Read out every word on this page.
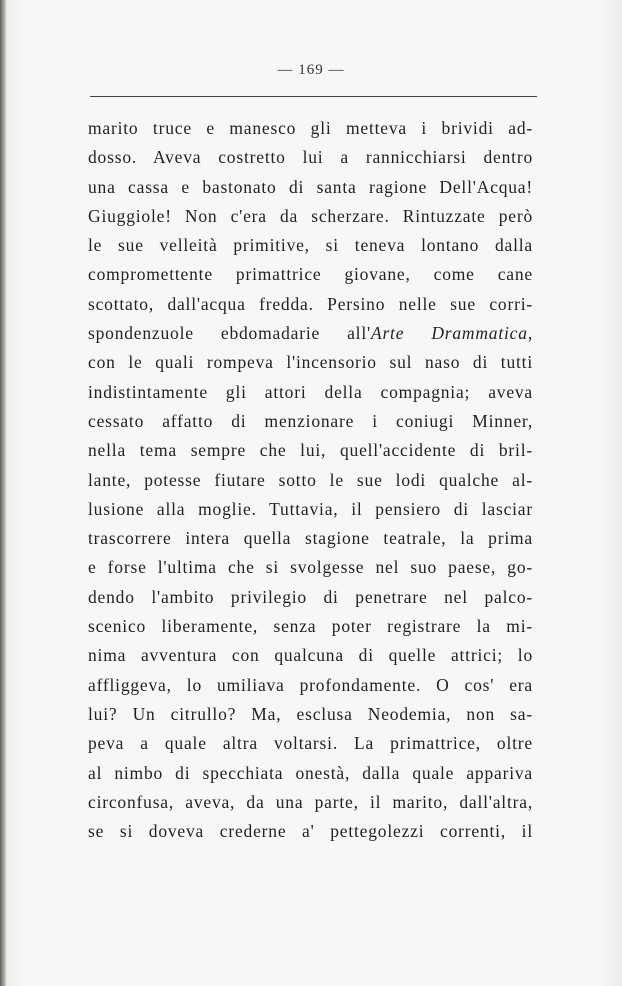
— 169 —
marito truce e manesco gli metteva i brividi ad-
dosso. Aveva costretto lui a rannicchiarsi dentro
una cassa e bastonato di santa ragione Dell'Acqua!
Giuggiole! Non c'era da scherzare. Rintuzzate però
le sue velleità primitive, si teneva lontano dalla
compromettente primattrice giovane, come cane
scottato, dall'acqua fredda. Persino nelle sue corri-
spondenzuole ebdomadarie all'Arte Drammatica,
con le quali rompeva l'incensorio sul naso di tutti
indistintamente gli attori della compagnia; aveva
cessato affatto di menzionare i coniugi Minner,
nella tema sempre che lui, quell'accidente di bril-
lante, potesse fiutare sotto le sue lodi qualche al-
lusione alla moglie. Tuttavia, il pensiero di lasciar
trascorrere intera quella stagione teatrale, la prima
e forse l'ultima che si svolgesse nel suo paese, go-
dendo l'ambito privilegio di penetrare nel palco-
scenico liberamente, senza poter registrare la mi-
nima avventura con qualcuna di quelle attrici; lo
affliggeva, lo umiliava profondamente. O cos' era
lui? Un citrullo? Ma, esclusa Neodemia, non sa-
peva a quale altra voltarsi. La primattrice, oltre
al nimbo di specchiata onestà, dalla quale appariva
circonfusa, aveva, da una parte, il marito, dall'altra,
se si doveva crederne a' pettegolezzi correnti, il
